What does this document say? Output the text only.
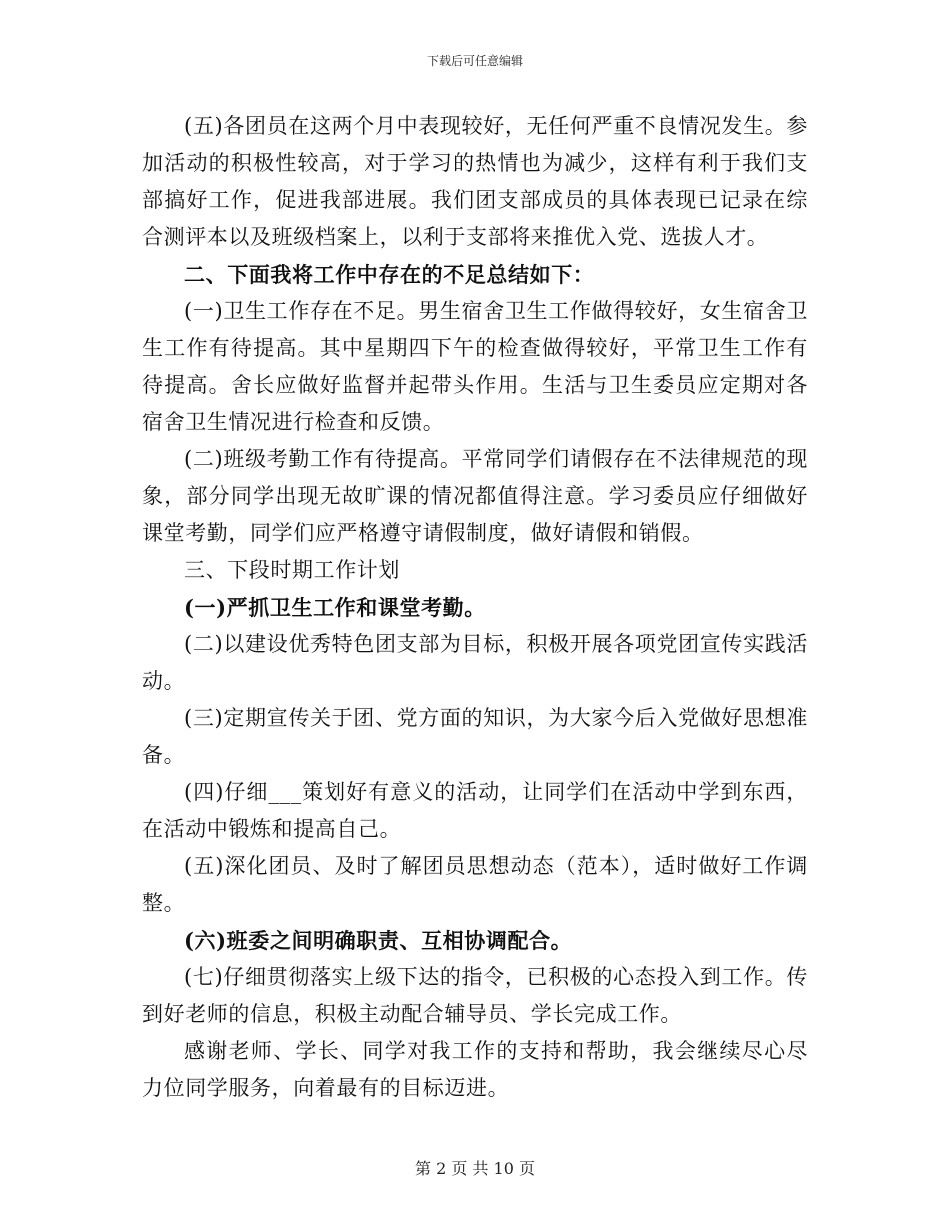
下载后可任意编辑

(五)各团员在这两个月中表现较好，无任何严重不良情况发生。参加活动的积极性较高，对于学习的热情也为减少，这样有利于我们支部搞好工作，促进我部进展。我们团支部成员的具体表现已记录在综合测评本以及班级档案上，以利于支部将来推优入党、选拔人才。

二、下面我将工作中存在的不足总结如下：

(一)卫生工作存在不足。男生宿舍卫生工作做得较好，女生宿舍卫生工作有待提高。其中星期四下午的检查做得较好，平常卫生工作有待提高。舍长应做好监督并起带头作用。生活与卫生委员应定期对各宿舍卫生情况进行检查和反馈。

(二)班级考勤工作有待提高。平常同学们请假存在不法律规范的现象，部分同学出现无故旷课的情况都值得注意。学习委员应仔细做好课堂考勤，同学们应严格遵守请假制度，做好请假和销假。

三、下段时期工作计划

(一)严抓卫生工作和课堂考勤。

(二)以建设优秀特色团支部为目标，积极开展各项党团宣传实践活动。

(三)定期宣传关于团、党方面的知识，为大家今后入党做好思想准备。

(四)仔细___策划好有意义的活动，让同学们在活动中学到东西，在活动中锻炼和提高自己。

(五)深化团员、及时了解团员思想动态（范本），适时做好工作调整。

(六)班委之间明确职责、互相协调配合。

(七)仔细贯彻落实上级下达的指令，已积极的心态投入到工作。传到好老师的信息，积极主动配合辅导员、学长完成工作。

感谢老师、学长、同学对我工作的支持和帮助，我会继续尽心尽力位同学服务，向着最有的目标迈进。

第 2 页 共 10 页
